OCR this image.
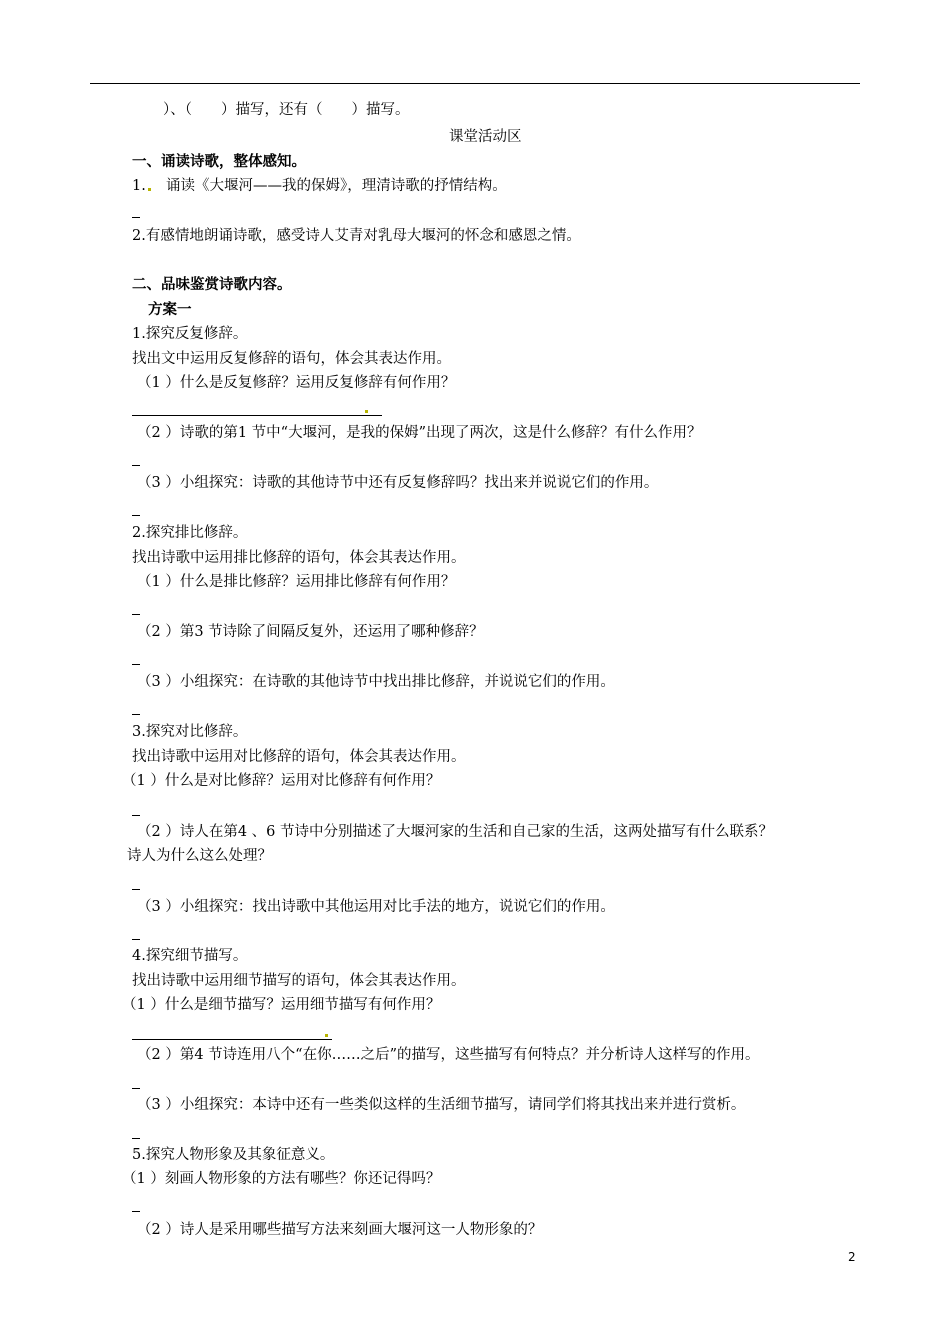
）、（　　）描写，还有（　　）描写。
课堂活动区
一、诵读诗歌，整体感知。
1. 诵读《大堰河——我的保姆》，理清诗歌的抒情结构。
2.有感情地朗诵诗歌，感受诗人艾青对乳母大堰河的怀念和感恩之情。
二、品味鉴赏诗歌内容。
方案一
1.探究反复修辞。
找出文中运用反复修辞的语句，体会其表达作用。
（1 ）什么是反复修辞？运用反复修辞有何作用？
（2 ）诗歌的第1 节中“大堰河，是我的保姆”出现了两次，这是什么修辞？有什么作用？
（3 ）小组探究：诗歌的其他诗节中还有反复修辞吗？找出来并说说它们的作用。
2.探究排比修辞。
找出诗歌中运用排比修辞的语句，体会其表达作用。
（1 ）什么是排比修辞？运用排比修辞有何作用？
（2 ）第3 节诗除了间隔反复外，还运用了哪种修辞？
（3 ）小组探究：在诗歌的其他诗节中找出排比修辞，并说说它们的作用。
3.探究对比修辞。
找出诗歌中运用对比修辞的语句，体会其表达作用。
（1 ）什么是对比修辞？运用对比修辞有何作用？
（2 ）诗人在第4 、6 节诗中分别描述了大堰河家的生活和自己家的生活，这两处描写有什么联系？
诗人为什么这么处理？
（3 ）小组探究：找出诗歌中其他运用对比手法的地方，说说它们的作用。
4.探究细节描写。
找出诗歌中运用细节描写的语句，体会其表达作用。
（1 ）什么是细节描写？运用细节描写有何作用？
（2 ）第4 节诗连用八个“在你……之后”的描写，这些描写有何特点？并分析诗人这样写的作用。
（3 ）小组探究：本诗中还有一些类似这样的生活细节描写，请同学们将其找出来并进行赏析。
5.探究人物形象及其象征意义。
（1 ）刻画人物形象的方法有哪些？你还记得吗？
（2 ）诗人是采用哪些描写方法来刻画大堰河这一人物形象的？
2
